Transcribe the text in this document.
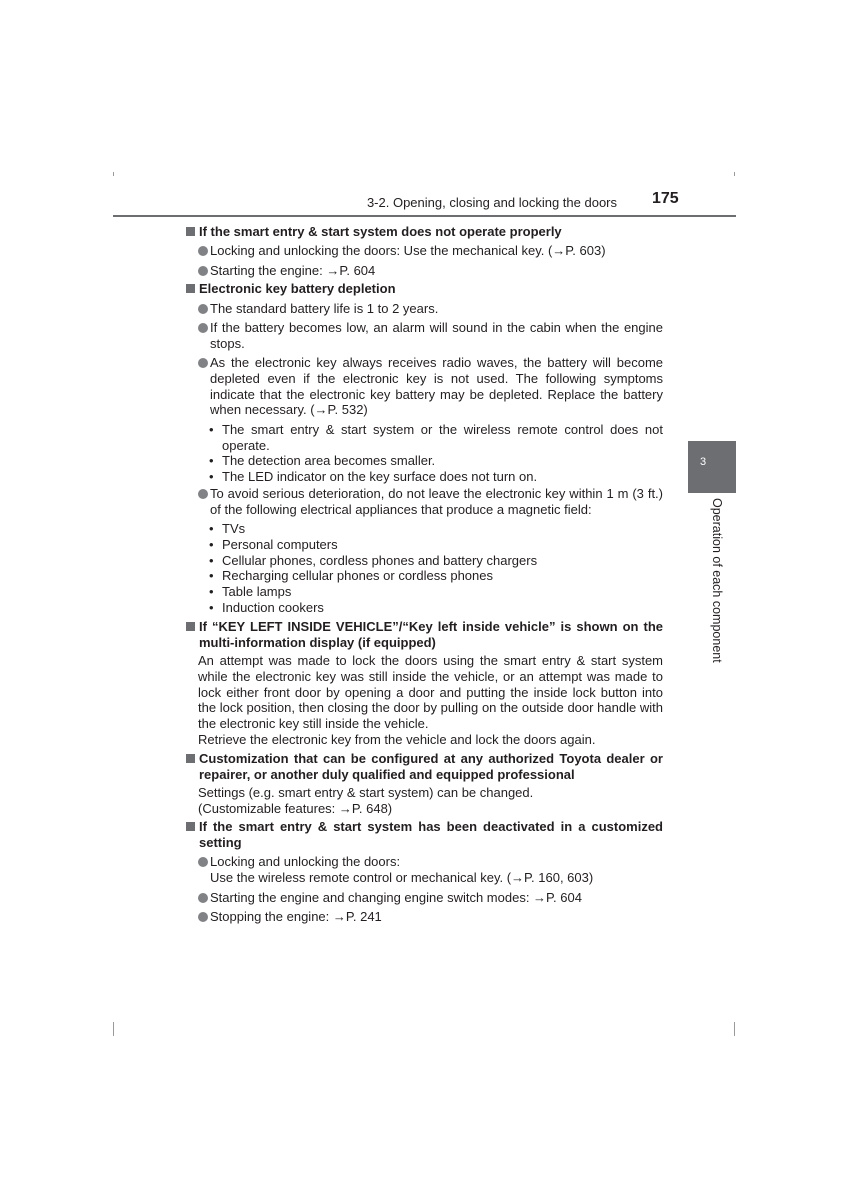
3-2. Opening, closing and locking the doors 175
3
Operation of each component
If the smart entry & start system does not operate properly
Locking and unlocking the doors: Use the mechanical key. (→P. 603)
Starting the engine: →P. 604
Electronic key battery depletion
The standard battery life is 1 to 2 years.
If the battery becomes low, an alarm will sound in the cabin when the engine stops.
As the electronic key always receives radio waves, the battery will become depleted even if the electronic key is not used. The following symptoms indicate that the electronic key battery may be depleted. Replace the battery when necessary. (→P. 532)
• The smart entry & start system or the wireless remote control does not operate.
• The detection area becomes smaller.
• The LED indicator on the key surface does not turn on.
To avoid serious deterioration, do not leave the electronic key within 1 m (3 ft.) of the following electrical appliances that produce a magnetic field:
• TVs
• Personal computers
• Cellular phones, cordless phones and battery chargers
• Recharging cellular phones or cordless phones
• Table lamps
• Induction cookers
If “KEY LEFT INSIDE VEHICLE”/“Key left inside vehicle” is shown on the multi-information display (if equipped)
An attempt was made to lock the doors using the smart entry & start system while the electronic key was still inside the vehicle, or an attempt was made to lock either front door by opening a door and putting the inside lock button into the lock position, then closing the door by pulling on the outside door handle with the electronic key still inside the vehicle.
Retrieve the electronic key from the vehicle and lock the doors again.
Customization that can be configured at any authorized Toyota dealer or repairer, or another duly qualified and equipped professional
Settings (e.g. smart entry & start system) can be changed.
(Customizable features: →P. 648)
If the smart entry & start system has been deactivated in a customized setting
Locking and unlocking the doors:
Use the wireless remote control or mechanical key. (→P. 160, 603)
Starting the engine and changing engine switch modes: →P. 604
Stopping the engine: →P. 241
